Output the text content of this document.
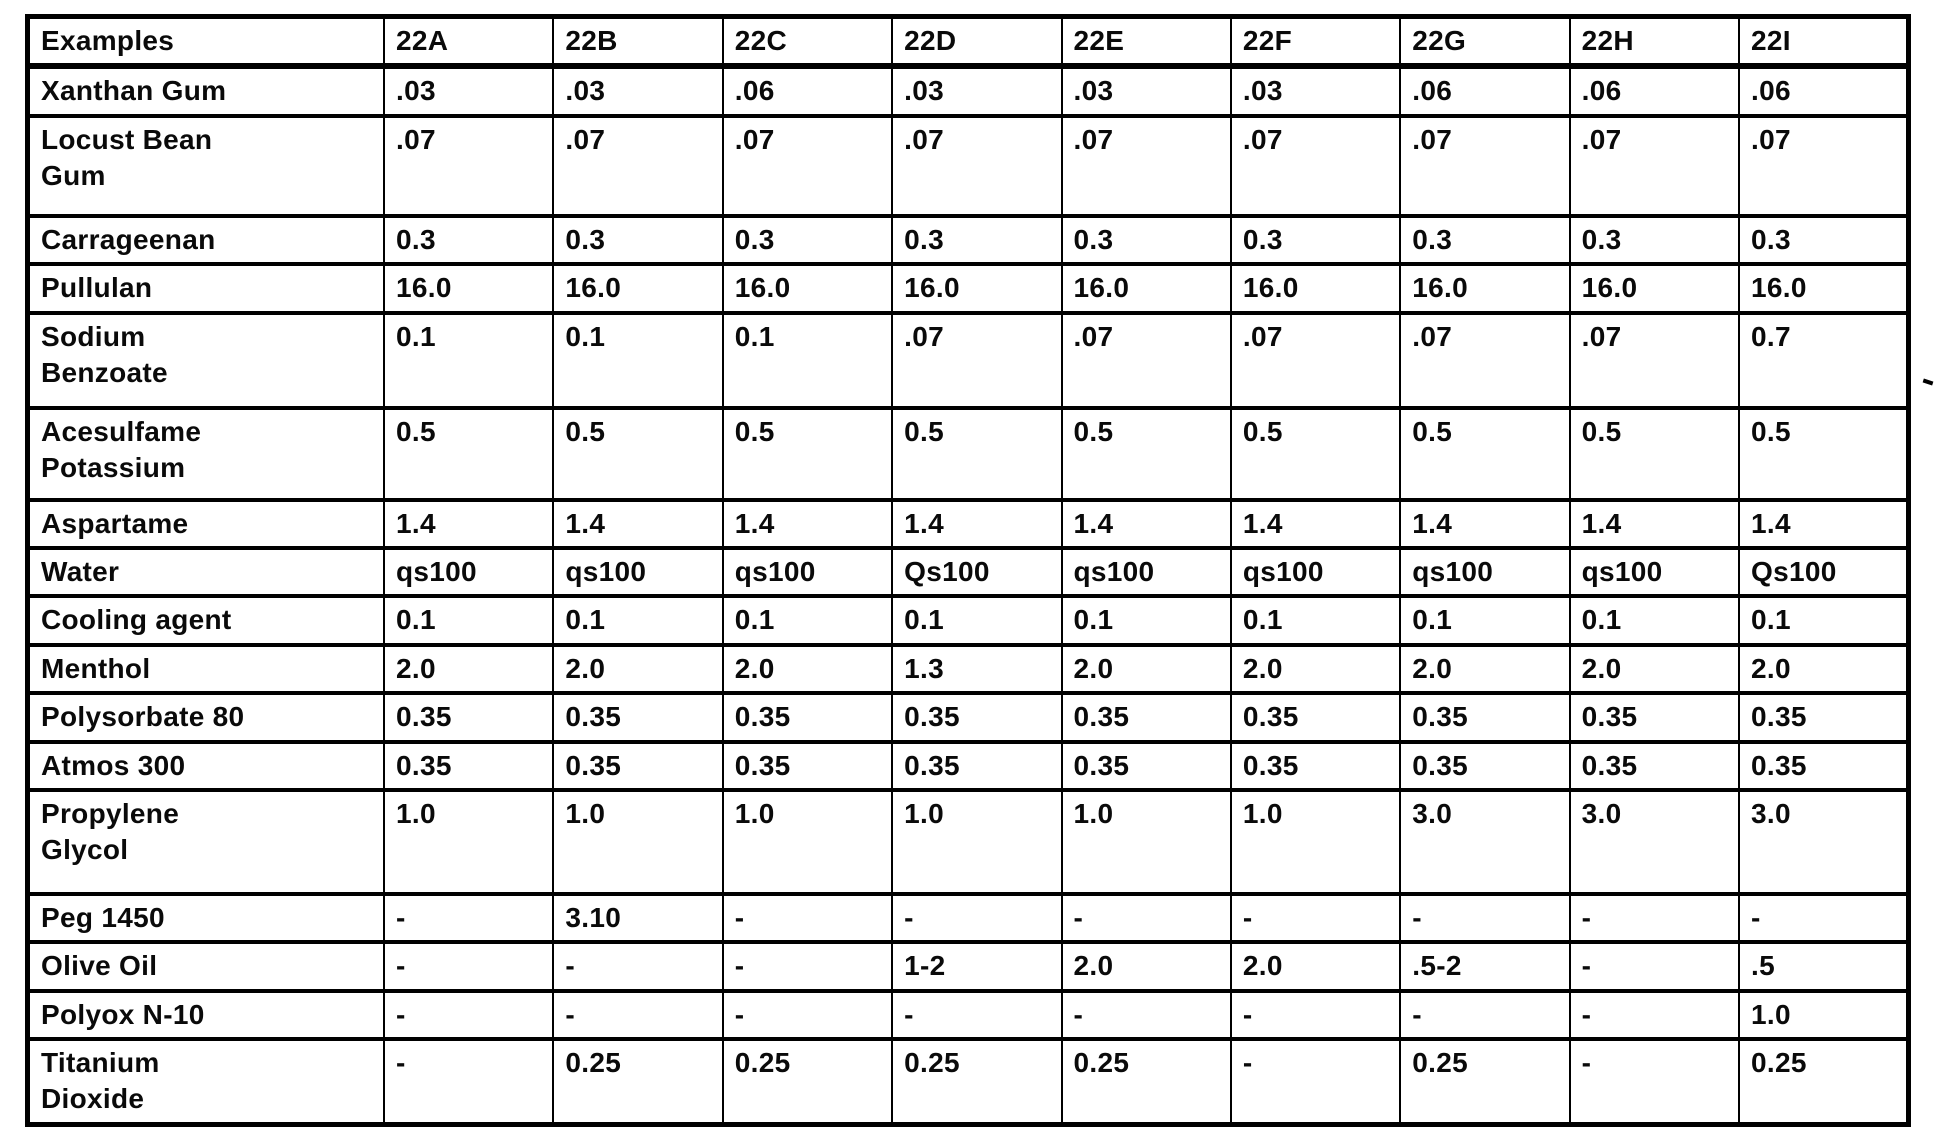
Examples	22A	22B	22C	22D	22E	22F	22G	22H	22I
Xanthan Gum	.03	.03	.06	.03	.03	.03	.06	.06	.06
Locust Bean
Gum	.07	.07	.07	.07	.07	.07	.07	.07	.07
Carrageenan	0.3	0.3	0.3	0.3	0.3	0.3	0.3	0.3	0.3
Pullulan	16.0	16.0	16.0	16.0	16.0	16.0	16.0	16.0	16.0
Sodium
Benzoate	0.1	0.1	0.1	.07	.07	.07	.07	.07	0.7
Acesulfame
Potassium	0.5	0.5	0.5	0.5	0.5	0.5	0.5	0.5	0.5
Aspartame	1.4	1.4	1.4	1.4	1.4	1.4	1.4	1.4	1.4
Water	qs100	qs100	qs100	Qs100	qs100	qs100	qs100	qs100	Qs100
Cooling agent	0.1	0.1	0.1	0.1	0.1	0.1	0.1	0.1	0.1
Menthol	2.0	2.0	2.0	1.3	2.0	2.0	2.0	2.0	2.0
Polysorbate 80	0.35	0.35	0.35	0.35	0.35	0.35	0.35	0.35	0.35
Atmos 300	0.35	0.35	0.35	0.35	0.35	0.35	0.35	0.35	0.35
Propylene
Glycol	1.0	1.0	1.0	1.0	1.0	1.0	3.0	3.0	3.0
Peg 1450	-	3.10	-	-	-	-	-	-	-
Olive Oil	-	-	-	1-2	2.0	2.0	.5-2	-	.5
Polyox N-10	-	-	-	-	-	-	-	-	1.0
Titanium
Dioxide	-	0.25	0.25	0.25	0.25	-	0.25	-	0.25
